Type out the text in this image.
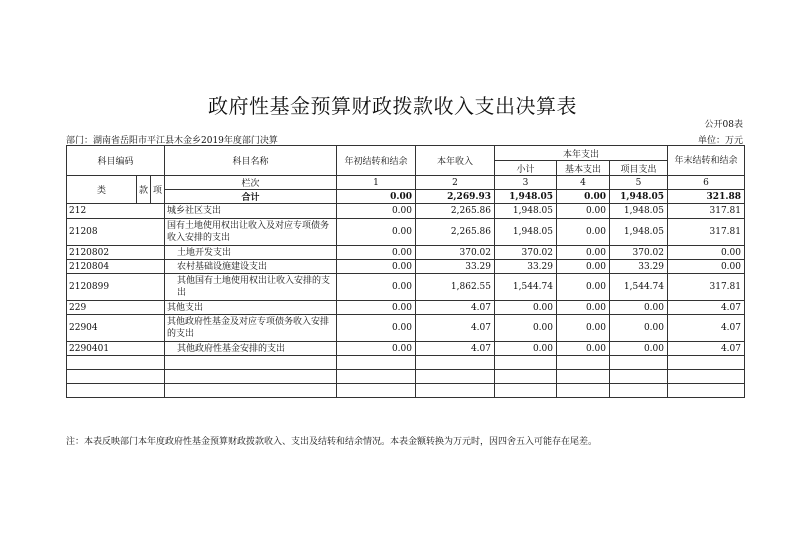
政府性基金预算财政拨款收入支出决算表
公开08表
部门：湖南省岳阳市平江县木金乡2019年度部门决算	单位：万元
科目编码			科目名称	年初结转和结余	本年收入	本年支出			年末结转和结余
						小计	基本支出	项目支出	
类	款	项	栏次	1	2	3	4	5	6
			合计	0.00	2,269.93	1,948.05	0.00	1,948.05	321.88
212			城乡社区支出	0.00	2,265.86	1,948.05	0.00	1,948.05	317.81
21208			国有土地使用权出让收入及对应专项债务收入安排的支出	0.00	2,265.86	1,948.05	0.00	1,948.05	317.81
2120802			土地开发支出	0.00	370.02	370.02	0.00	370.02	0.00
2120804			农村基础设施建设支出	0.00	33.29	33.29	0.00	33.29	0.00
2120899			其他国有土地使用权出让收入安排的支出	0.00	1,862.55	1,544.74	0.00	1,544.74	317.81
229			其他支出	0.00	4.07	0.00	0.00	0.00	4.07
22904			其他政府性基金及对应专项债务收入安排的支出	0.00	4.07	0.00	0.00	0.00	4.07
2290401			其他政府性基金安排的支出	0.00	4.07	0.00	0.00	0.00	4.07

注：本表反映部门本年度政府性基金预算财政拨款收入、支出及结转和结余情况。本表金额转换为万元时，因四舍五入可能存在尾差。
